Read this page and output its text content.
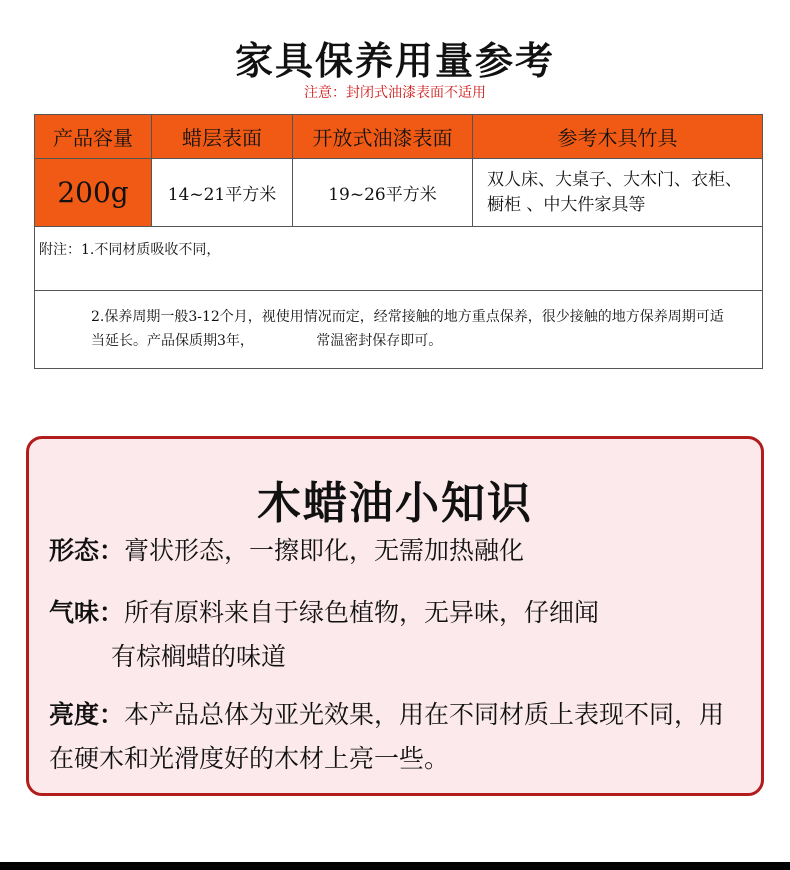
家具保养用量参考
注意：封闭式油漆表面不适用
产品容量	蜡层表面	开放式油漆表面	参考木具竹具
200g	14~21平方米	19~26平方米	双人床、大桌子、大木门、衣柜、橱柜 、中大件家具等
附注：1.不同材质吸收不同，			
2.保养周期一般3-12个月，视使用情况而定，经常接触的地方重点保养，很少接触的地方保养周期可适当延长。产品保质期3年，              常温密封保存即可。			
木蜡油小知识
形态：膏状形态，一擦即化，无需加热融化
气味：所有原料来自于绿色植物，无异味，仔细闻
有棕榈蜡的味道
亮度：本产品总体为亚光效果，用在不同材质上表现不同，用在硬木和光滑度好的木材上亮一些。
